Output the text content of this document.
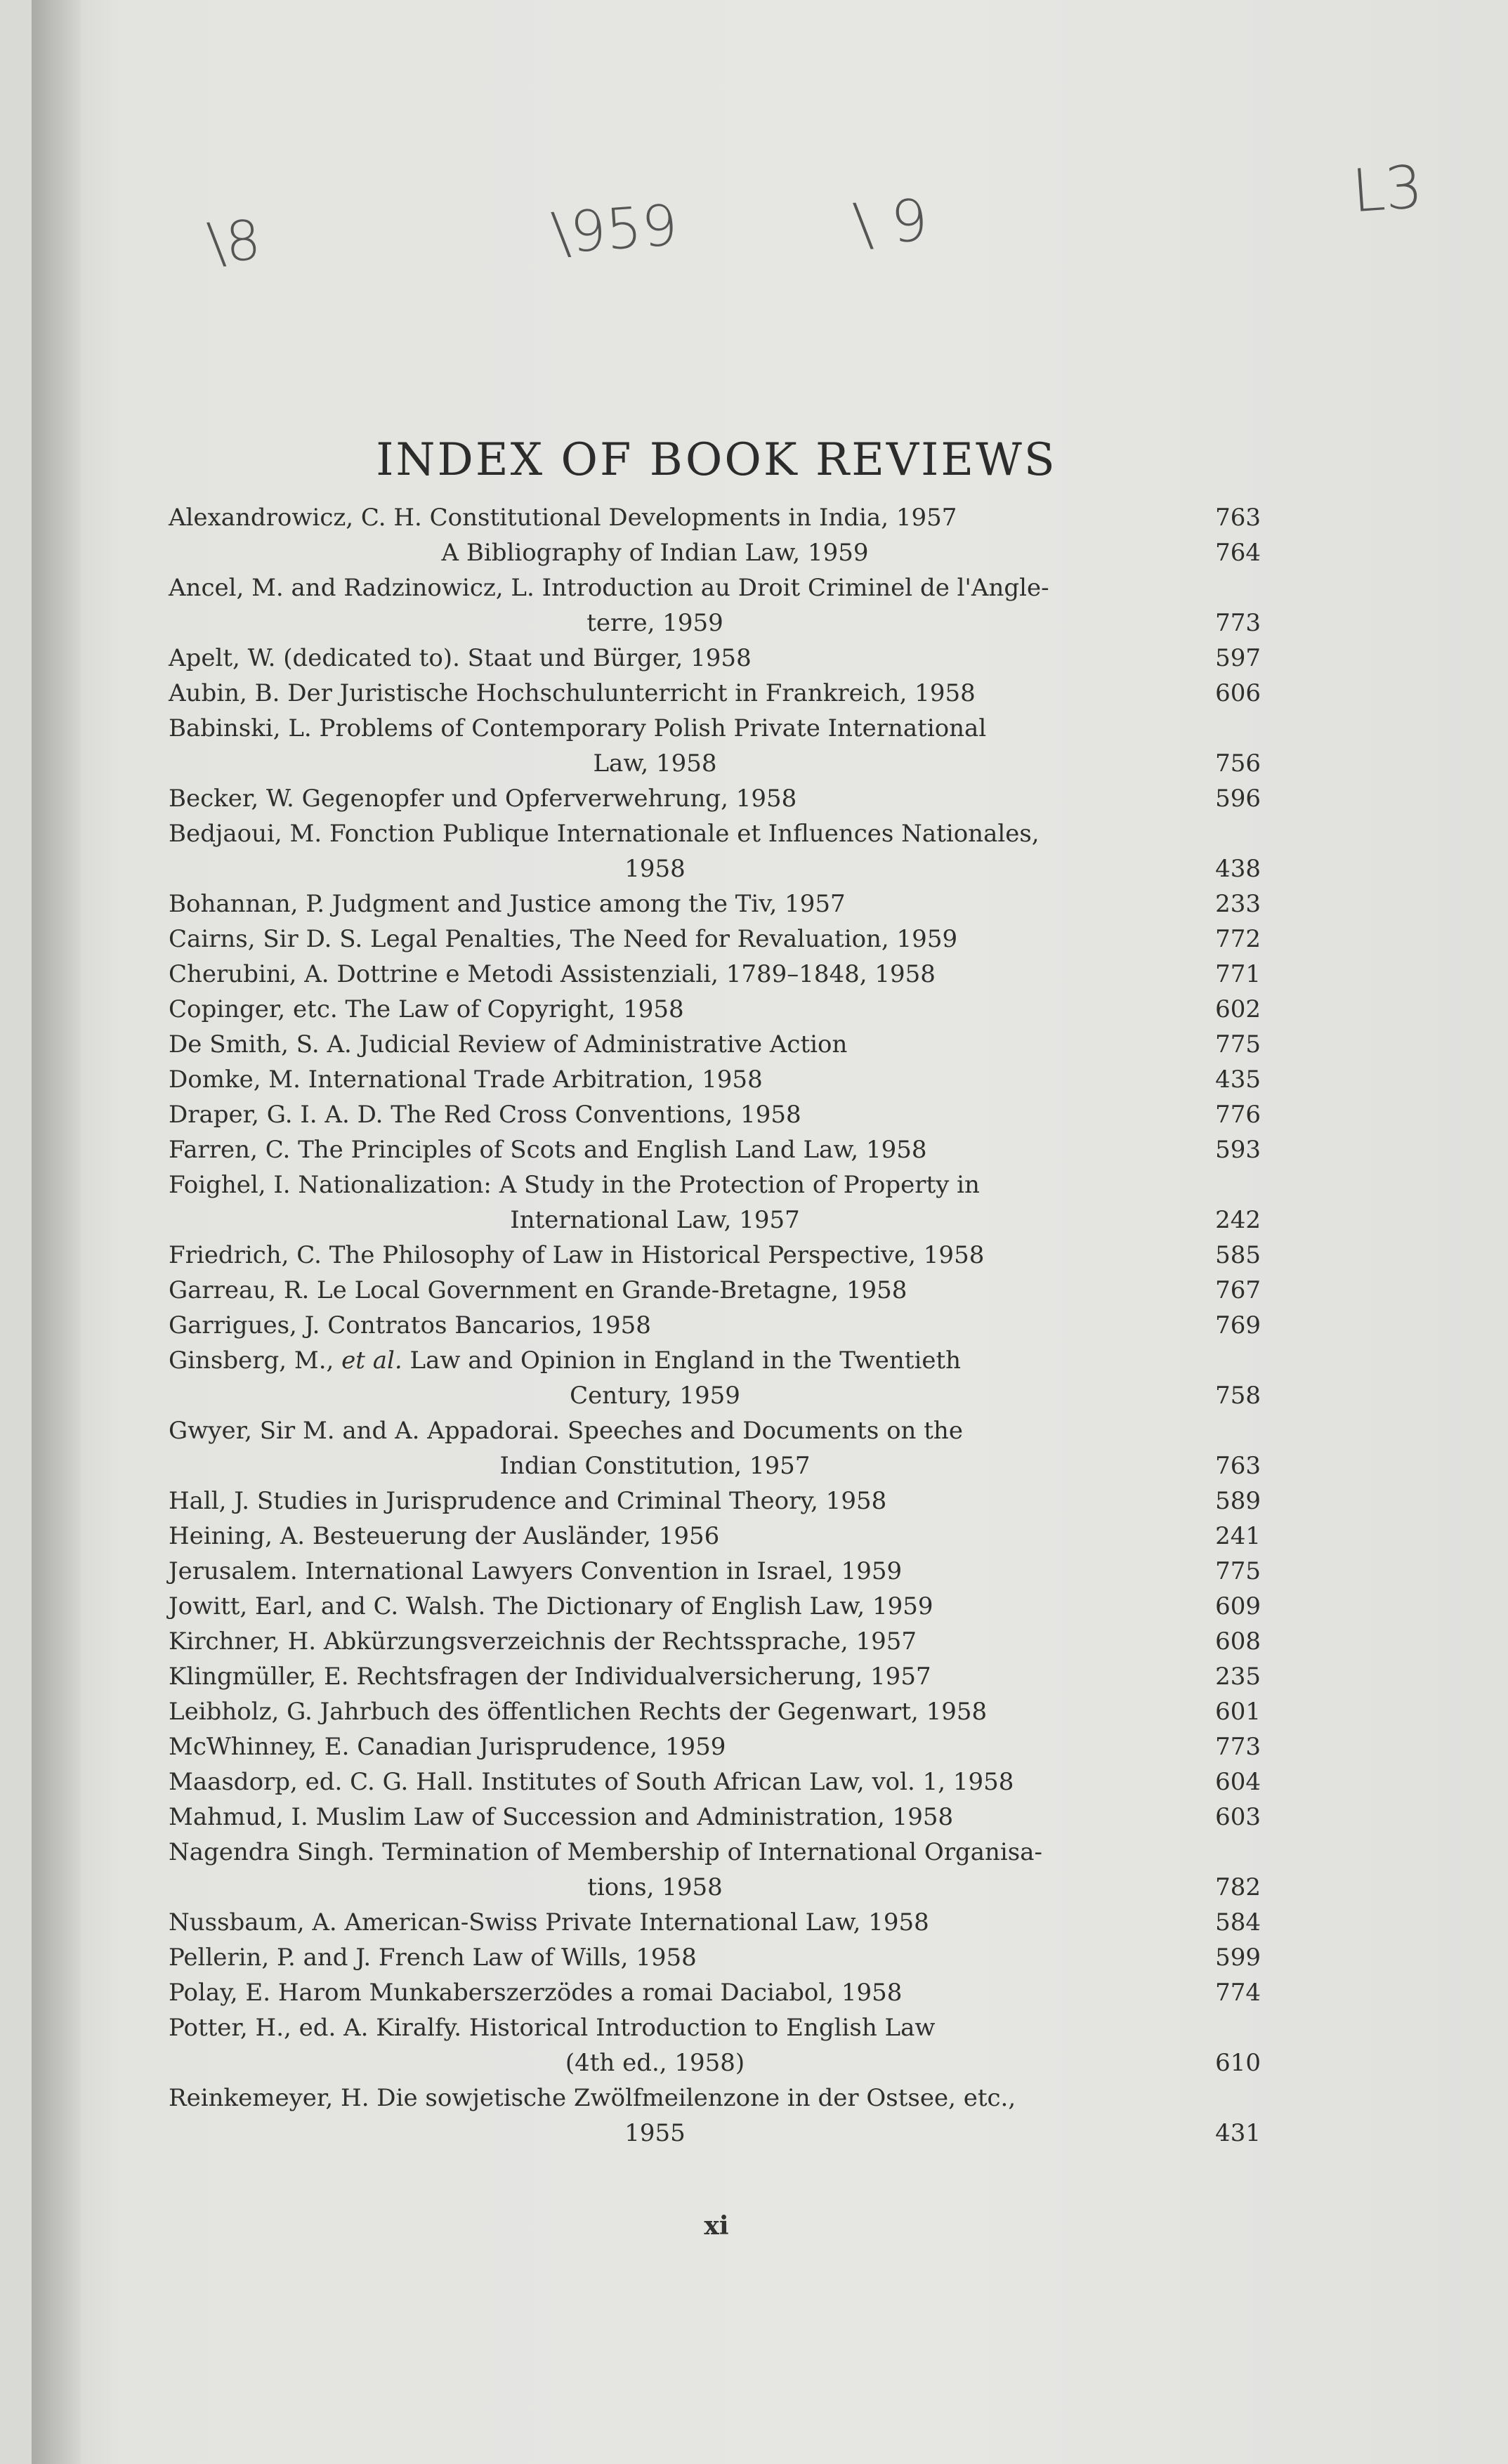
\8	\959	\ 9	L3
INDEX OF BOOK REVIEWS
Alexandrowicz, C. H. Constitutional Developments in India, 1957	763
A Bibliography of Indian Law, 1959	764
Ancel, M. and Radzinowicz, L. Introduction au Droit Criminel de l'Angle-
terre, 1959	773
Apelt, W. (dedicated to). Staat und Bürger, 1958	597
Aubin, B. Der Juristische Hochschulunterricht in Frankreich, 1958	606
Babinski, L. Problems of Contemporary Polish Private International
Law, 1958	756
Becker, W. Gegenopfer und Opferverwehrung, 1958	596
Bedjaoui, M. Fonction Publique Internationale et Influences Nationales,
1958	438
Bohannan, P. Judgment and Justice among the Tiv, 1957	233
Cairns, Sir D. S. Legal Penalties, The Need for Revaluation, 1959	772
Cherubini, A. Dottrine e Metodi Assistenziali, 1789–1848, 1958	771
Copinger, etc. The Law of Copyright, 1958	602
De Smith, S. A. Judicial Review of Administrative Action	775
Domke, M. International Trade Arbitration, 1958	435
Draper, G. I. A. D. The Red Cross Conventions, 1958	776
Farren, C. The Principles of Scots and English Land Law, 1958	593
Foighel, I. Nationalization: A Study in the Protection of Property in
International Law, 1957	242
Friedrich, C. The Philosophy of Law in Historical Perspective, 1958	585
Garreau, R. Le Local Government en Grande-Bretagne, 1958	767
Garrigues, J. Contratos Bancarios, 1958	769
Ginsberg, M., et al. Law and Opinion in England in the Twentieth
Century, 1959	758
Gwyer, Sir M. and A. Appadorai. Speeches and Documents on the
Indian Constitution, 1957	763
Hall, J. Studies in Jurisprudence and Criminal Theory, 1958	589
Heining, A. Besteuerung der Ausländer, 1956	241
Jerusalem. International Lawyers Convention in Israel, 1959	775
Jowitt, Earl, and C. Walsh. The Dictionary of English Law, 1959	609
Kirchner, H. Abkürzungsverzeichnis der Rechtssprache, 1957	608
Klingmüller, E. Rechtsfragen der Individualversicherung, 1957	235
Leibholz, G. Jahrbuch des öffentlichen Rechts der Gegenwart, 1958	601
McWhinney, E. Canadian Jurisprudence, 1959	773
Maasdorp, ed. C. G. Hall. Institutes of South African Law, vol. 1, 1958	604
Mahmud, I. Muslim Law of Succession and Administration, 1958	603
Nagendra Singh. Termination of Membership of International Organisa-
tions, 1958	782
Nussbaum, A. American-Swiss Private International Law, 1958	584
Pellerin, P. and J. French Law of Wills, 1958	599
Polay, E. Harom Munkaberszerzödes a romai Daciabol, 1958	774
Potter, H., ed. A. Kiralfy. Historical Introduction to English Law
(4th ed., 1958)	610
Reinkemeyer, H. Die sowjetische Zwölfmeilenzone in der Ostsee, etc.,
1955	431
xi
